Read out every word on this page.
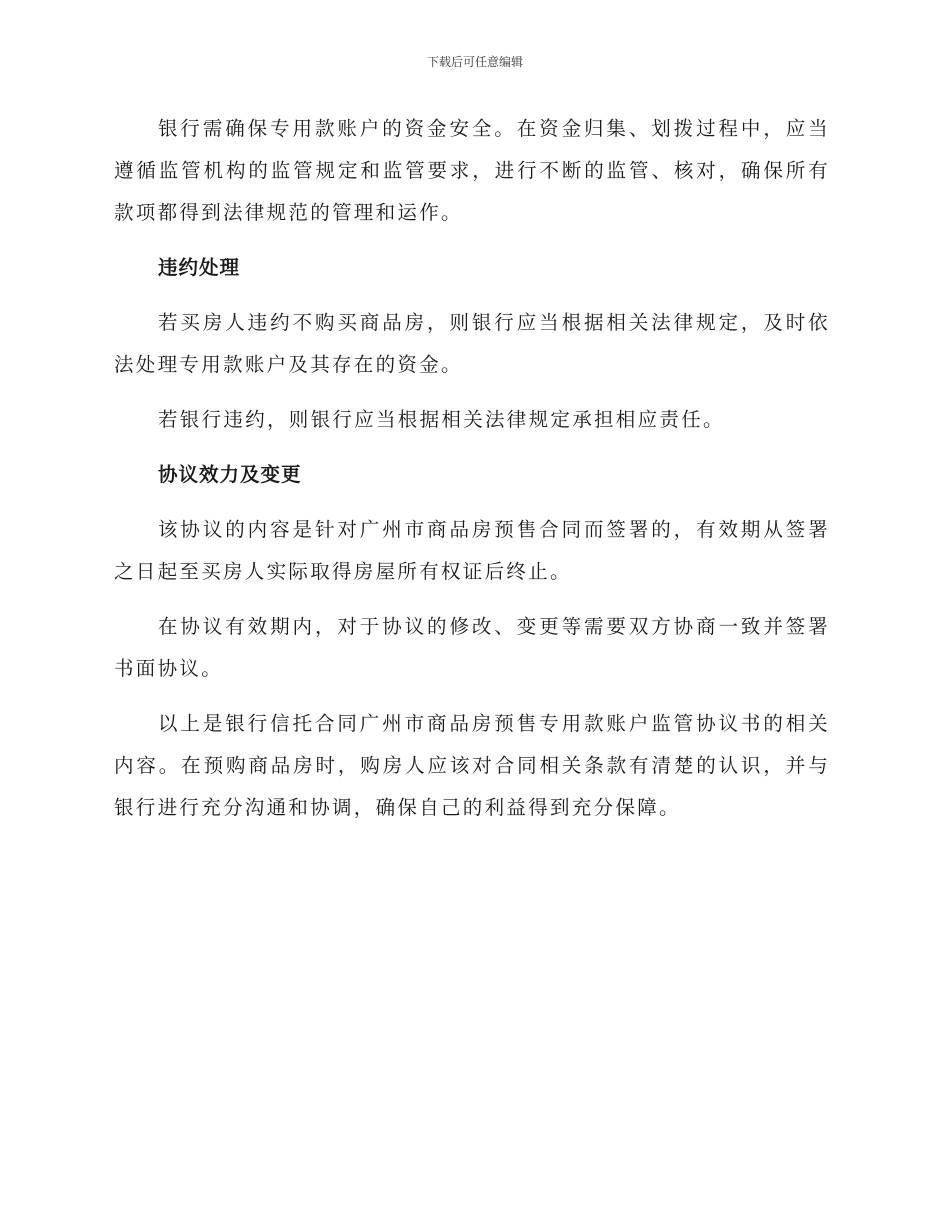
下载后可任意编辑

银行需确保专用款账户的资金安全。在资金归集、划拨过程中，应当遵循监管机构的监管规定和监管要求，进行不断的监管、核对，确保所有款项都得到法律规范的管理和运作。

违约处理

若买房人违约不购买商品房，则银行应当根据相关法律规定，及时依法处理专用款账户及其存在的资金。

若银行违约，则银行应当根据相关法律规定承担相应责任。

协议效力及变更

该协议的内容是针对广州市商品房预售合同而签署的，有效期从签署之日起至买房人实际取得房屋所有权证后终止。

在协议有效期内，对于协议的修改、变更等需要双方协商一致并签署书面协议。

以上是银行信托合同广州市商品房预售专用款账户监管协议书的相关内容。在预购商品房时，购房人应该对合同相关条款有清楚的认识，并与银行进行充分沟通和协调，确保自己的利益得到充分保障。
